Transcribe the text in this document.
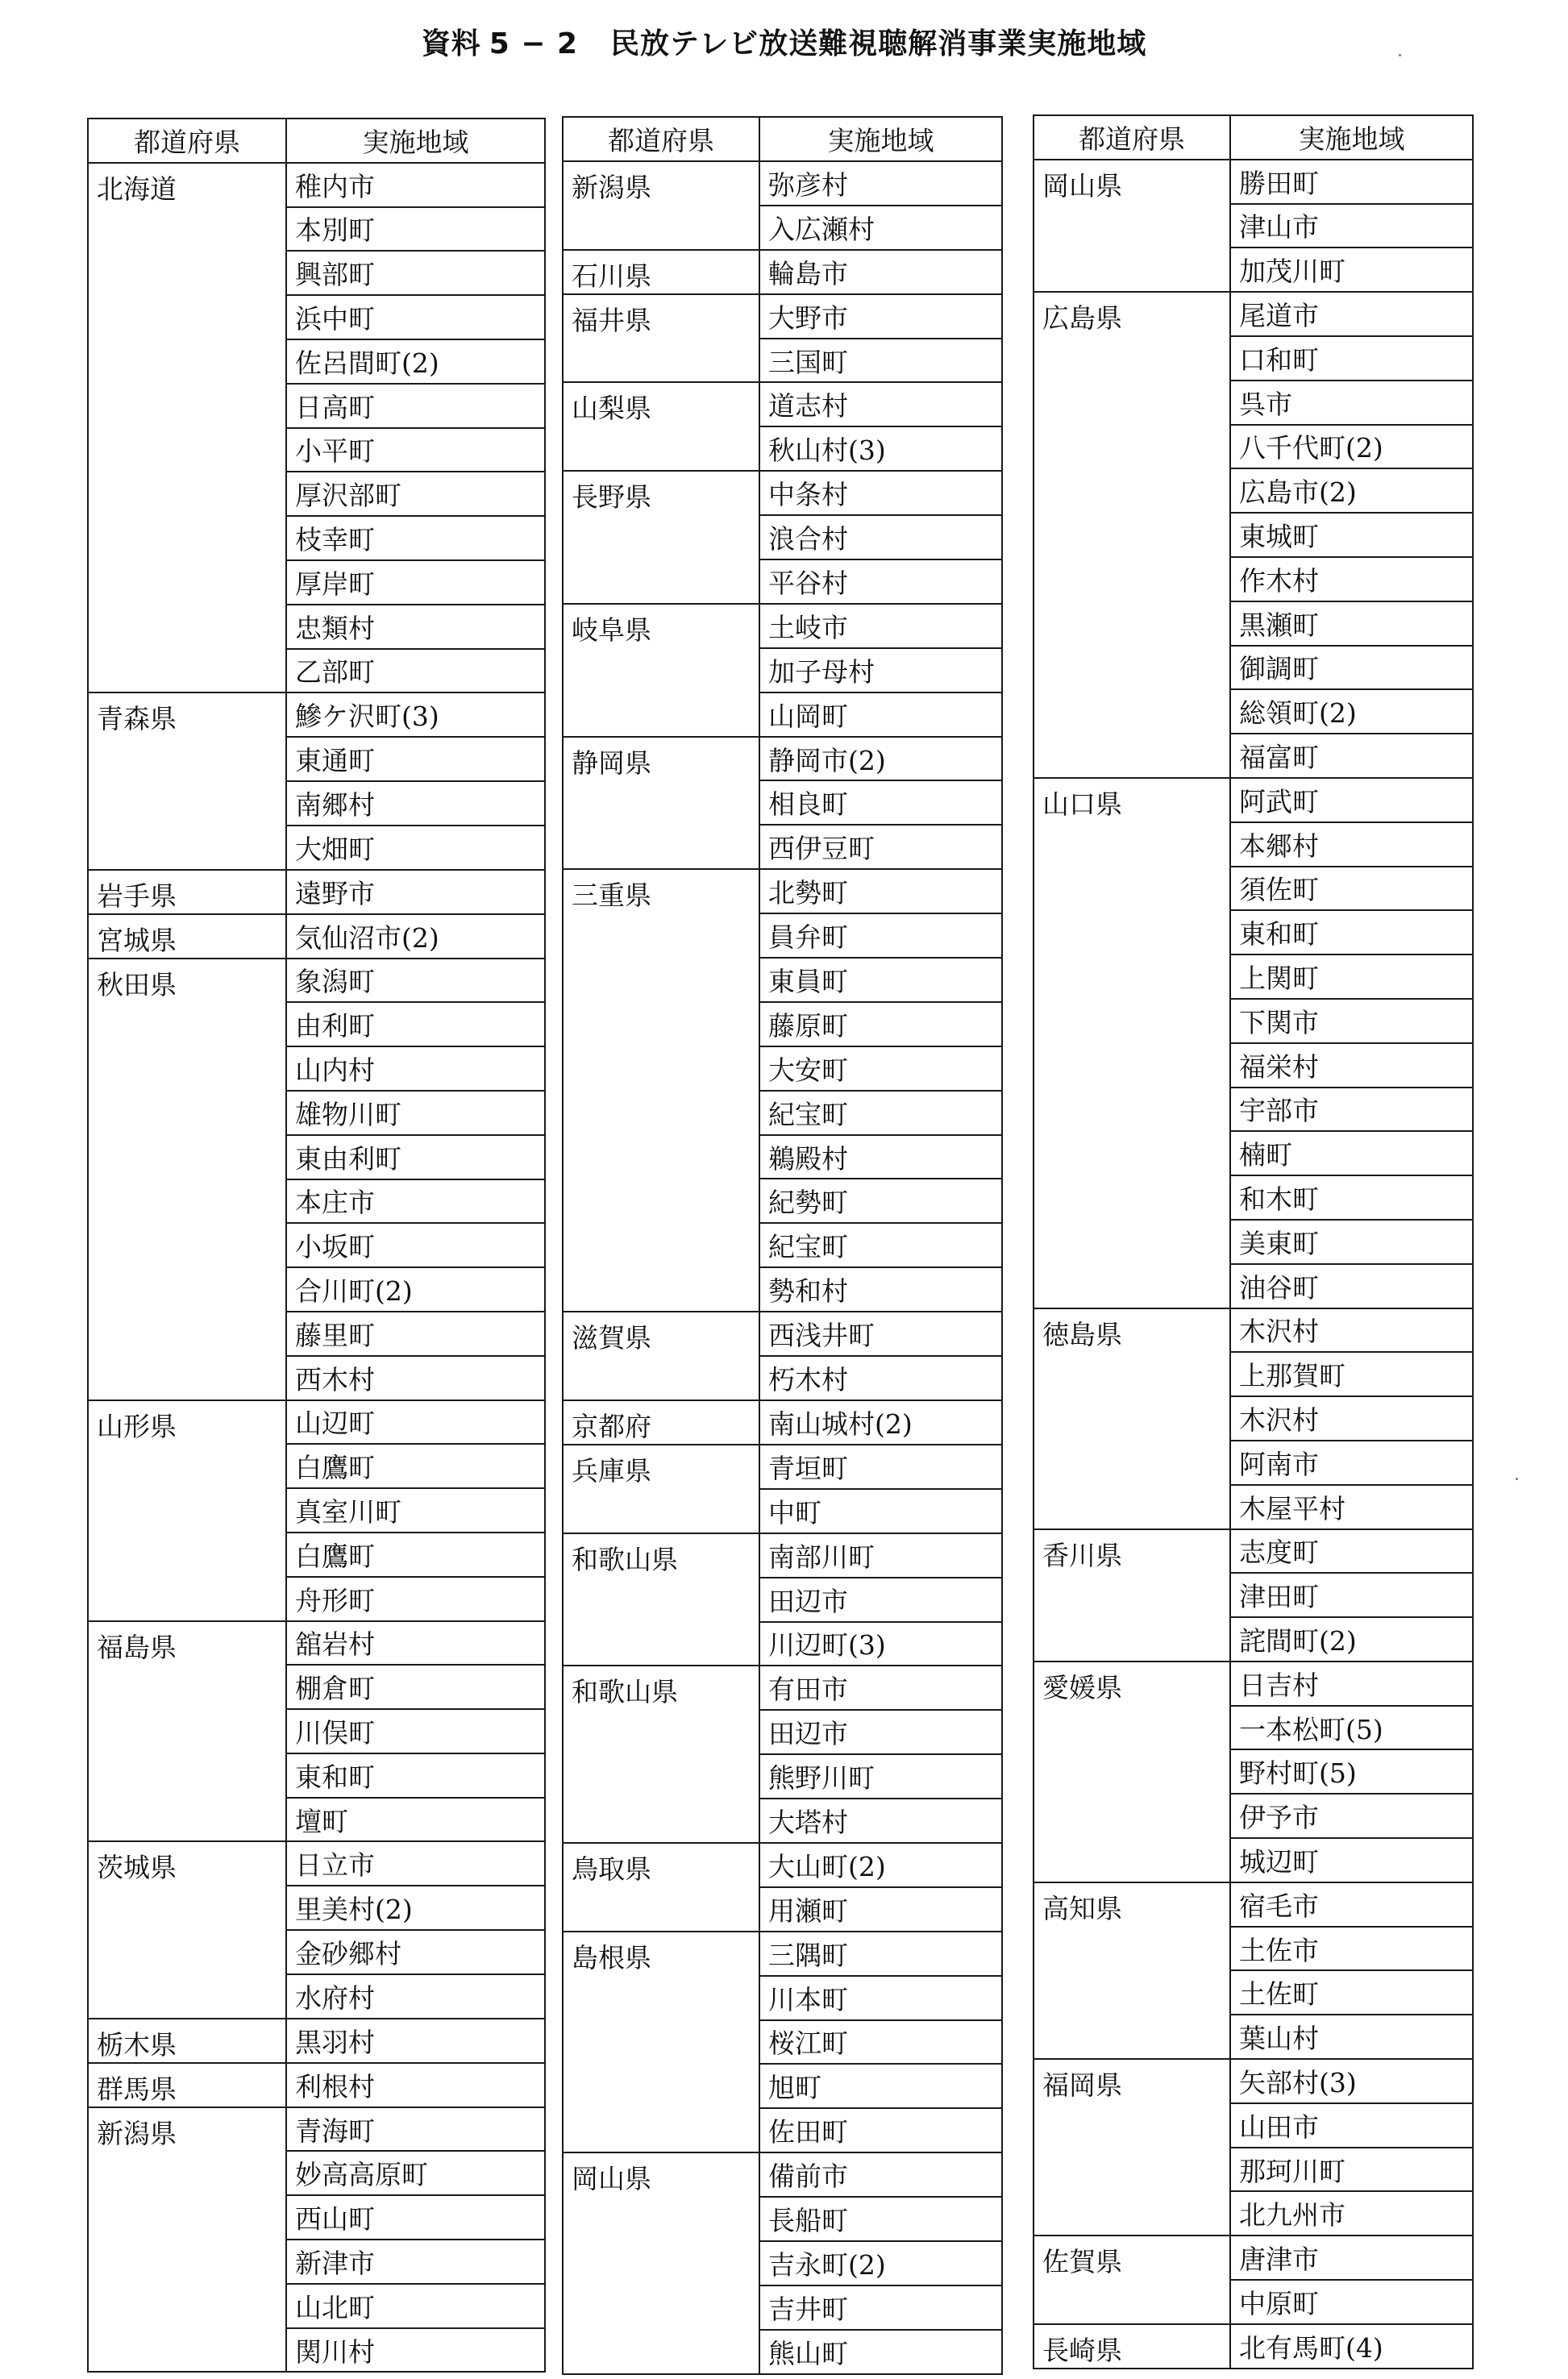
資料 5 − 2 民放テレビ放送難視聴解消事業実施地域
都道府県	実施地域
北海道	稚内市
	本別町
	興部町
	浜中町
	佐呂間町(2)
	日高町
	小平町
	厚沢部町
	枝幸町
	厚岸町
	忠類村
	乙部町
青森県	鰺ケ沢町(3)
	東通町
	南郷村
	大畑町
岩手県	遠野市
宮城県	気仙沼市(2)
秋田県	象潟町
	由利町
	山内村
	雄物川町
	東由利町
	本庄市
	小坂町
	合川町(2)
	藤里町
	西木村
山形県	山辺町
	白鷹町
	真室川町
	白鷹町
	舟形町
福島県	舘岩村
	棚倉町
	川俣町
	東和町
	壇町
茨城県	日立市
	里美村(2)
	金砂郷村
	水府村
栃木県	黒羽村
群馬県	利根村
新潟県	青海町
	妙高高原町
	西山町
	新津市
	山北町
	関川村
都道府県	実施地域
新潟県	弥彦村
	入広瀬村
石川県	輪島市
福井県	大野市
	三国町
山梨県	道志村
	秋山村(3)
長野県	中条村
	浪合村
	平谷村
岐阜県	土岐市
	加子母村
	山岡町
静岡県	静岡市(2)
	相良町
	西伊豆町
三重県	北勢町
	員弁町
	東員町
	藤原町
	大安町
	紀宝町
	鵜殿村
	紀勢町
	紀宝町
	勢和村
滋賀県	西浅井町
	朽木村
京都府	南山城村(2)
兵庫県	青垣町
	中町
和歌山県	南部川町
	田辺市
	川辺町(3)
和歌山県	有田市
	田辺市
	熊野川町
	大塔村
鳥取県	大山町(2)
	用瀬町
島根県	三隅町
	川本町
	桜江町
	旭町
	佐田町
岡山県	備前市
	長船町
	吉永町(2)
	吉井町
	熊山町
都道府県	実施地域
岡山県	勝田町
	津山市
	加茂川町
広島県	尾道市
	口和町
	呉市
	八千代町(2)
	広島市(2)
	東城町
	作木村
	黒瀬町
	御調町
	総領町(2)
	福富町
山口県	阿武町
	本郷村
	須佐町
	東和町
	上関町
	下関市
	福栄村
	宇部市
	楠町
	和木町
	美東町
	油谷町
徳島県	木沢村
	上那賀町
	木沢村
	阿南市
	木屋平村
香川県	志度町
	津田町
	詫間町(2)
愛媛県	日吉村
	一本松町(5)
	野村町(5)
	伊予市
	城辺町
高知県	宿毛市
	土佐市
	土佐町
	葉山村
福岡県	矢部村(3)
	山田市
	那珂川町
	北九州市
佐賀県	唐津市
	中原町
長崎県	北有馬町(4)
